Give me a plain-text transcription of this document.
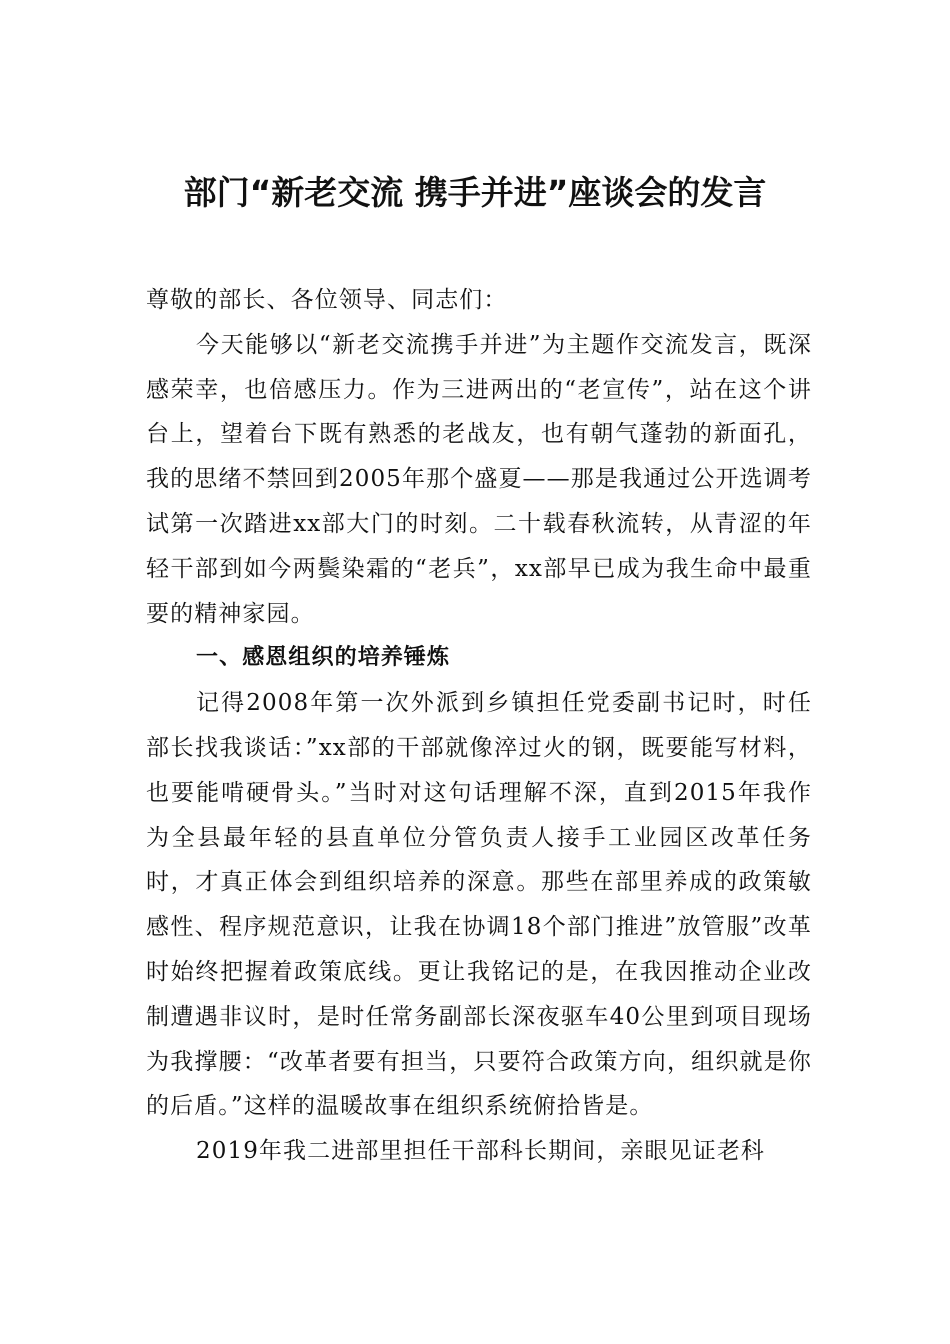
部门“新老交流 携手并进”座谈会的发言

尊敬的部长、各位领导、同志们：

今天能够以“新老交流携手并进”为主题作交流发言，既深感荣幸，也倍感压力。作为三进两出的“老宣传”，站在这个讲台上，望着台下既有熟悉的老战友，也有朝气蓬勃的新面孔，我的思绪不禁回到2005年那个盛夏——那是我通过公开选调考试第一次踏进xx部大门的时刻。二十载春秋流转，从青涩的年轻干部到如今两鬓染霜的“老兵”，xx部早已成为我生命中最重要的精神家园。

一、感恩组织的培养锤炼

记得2008年第一次外派到乡镇担任党委副书记时，时任部长找我谈话：”xx部的干部就像淬过火的钢，既要能写材料，也要能啃硬骨头。”当时对这句话理解不深，直到2015年我作为全县最年轻的县直单位分管负责人接手工业园区改革任务时，才真正体会到组织培养的深意。那些在部里养成的政策敏感性、程序规范意识，让我在协调18个部门推进”放管服”改革时始终把握着政策底线。更让我铭记的是，在我因推动企业改制遭遇非议时，是时任常务副部长深夜驱车40公里到项目现场为我撑腰：“改革者要有担当，只要符合政策方向，组织就是你的后盾。”这样的温暖故事在组织系统俯拾皆是。

2019年我二进部里担任干部科长期间，亲眼见证老科
